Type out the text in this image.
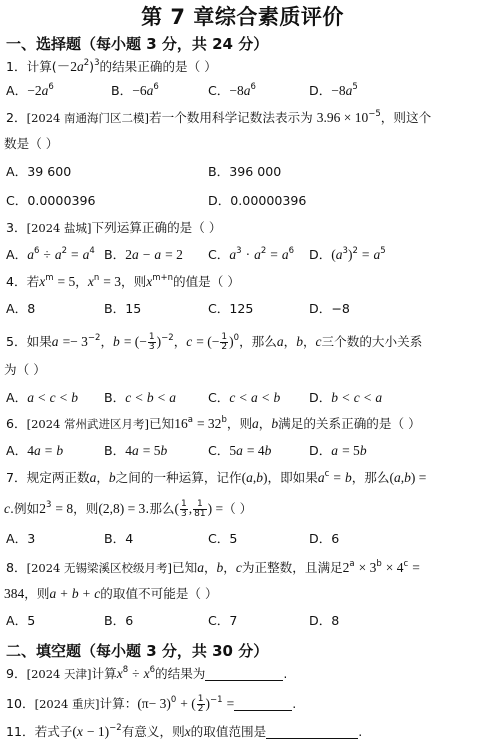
第 7 章综合素质评价
一、选择题（每小题 3 分，共 24 分）
1．计算$(-2a^2)^3$的结果正确的是（ ）
A．$-2a^6$	B．$-6a^6$	C．$-8a^6$	D．$-8a^5$
2．[2024 南通海门区二模]若一个数用科学记数法表示为 $3.96 \times 10^{-5}$，则这个
数是（ ）
A．39 600	B．396 000
C．0.0000396	D．0.00000396
3．[2024 盐城]下列运算正确的是（ ）
A．$a^6 \div a^2 = a^4$ B．2a − a = 2 C．$a^3 \cdot a^2 = a^6$ D．$(a^3)^2 = a^5$
4．若$x^m = 5$，$x^n = 3$，则$x^{m+n}$的值是（ ）
A．8	B．15	C．125	D．−8
5．如果$a =- 3^{-2}$，b = (− $\frac{1}{3} )^{-2}$，c = (− $\frac{1}{2} )^0$，那么a，b，c三个数的大小关系
为（ ）
A．a < c < b B．c < b < a	C．c < a < b D．b < c < a
6．[2024 常州武进区月考]已知$16^a = 32^b$，则a，b满足的关系正确的是（ ）
A．4a = b	B．4a = 5b	C．5a = 4b	D．a = 5b
7．规定两正数a，b之间的一种运算，记作(a,b)，即如果$a^c = b$，那么(a,b) =
c.例如$2^3 = 8$，则(2,8) = 3.那么( $\frac{1}{3}$ , $\frac{1}{81}$ ) =（ ）
A．3	B．4	C．5	D．6
8．[2024 无锡梁溪区校级月考]已知a，b，c为正整数，且满足$2^a \times 3^b \times 4^c$ =
384，则a + b + c的取值不可能是（ ）
A．5	B．6	C．7	D．8
二、填空题（每小题 3 分，共 30 分）
9．[2024 天津]计算$x^8 \div x^6$的结果为	.
10．[2024 重庆]计算：$(\pi- 3)^0$ + ( $\frac{1}{2} )^{-1}$ =	.
11．若式子$(x - 1)^{-2}$有意义，则x的取值范围是	.
